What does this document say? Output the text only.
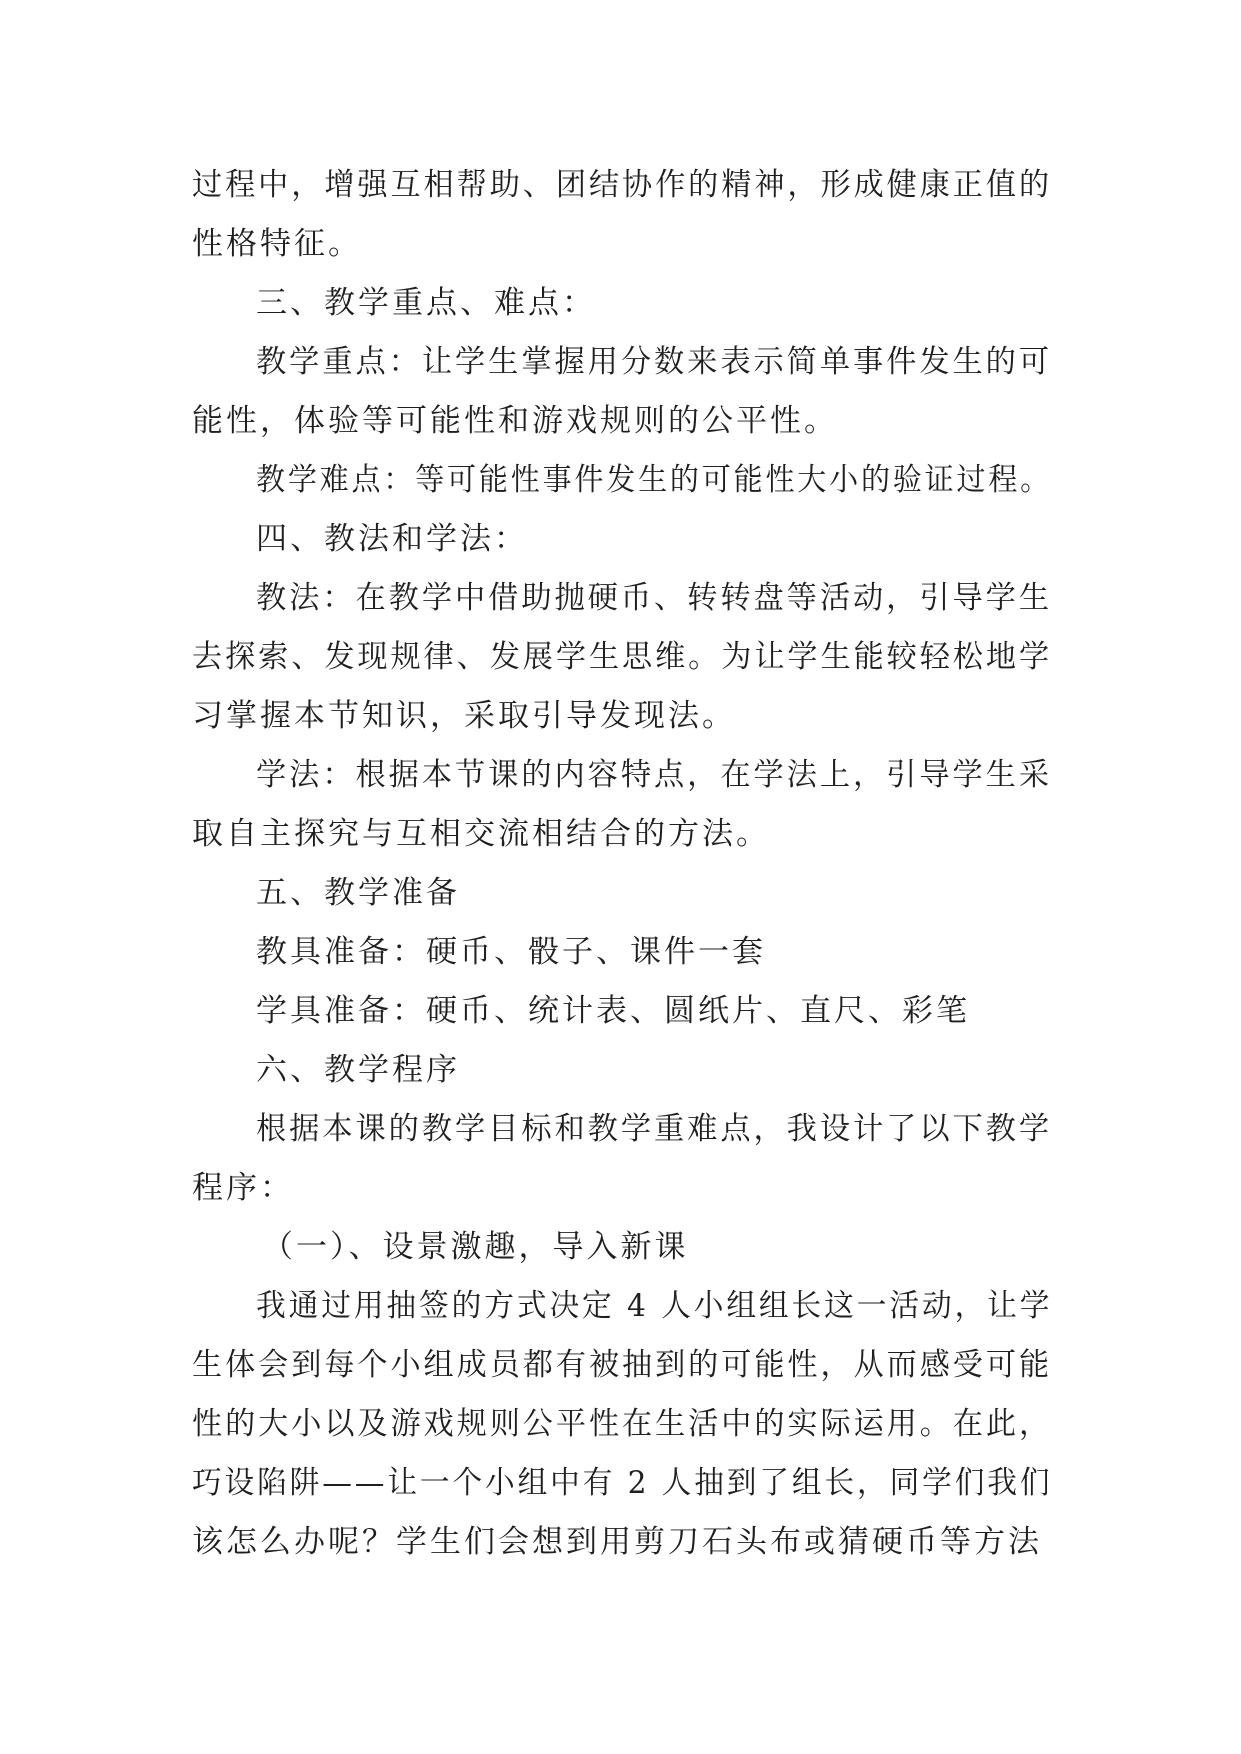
过程中，增强互相帮助、团结协作的精神，形成健康正值的
性格特征。
三、教学重点、难点：
教学重点：让学生掌握用分数来表示简单事件发生的可
能性，体验等可能性和游戏规则的公平性。
教学难点：等可能性事件发生的可能性大小的验证过程。
四、教法和学法：
教法：在教学中借助抛硬币、转转盘等活动，引导学生
去探索、发现规律、发展学生思维。为让学生能较轻松地学
习掌握本节知识，采取引导发现法。
学法：根据本节课的内容特点，在学法上，引导学生采
取自主探究与互相交流相结合的方法。
五、教学准备
教具准备：硬币、骰子、课件一套
学具准备：硬币、统计表、圆纸片、直尺、彩笔
六、教学程序
根据本课的教学目标和教学重难点，我设计了以下教学
程序：
（一）、设景激趣，导入新课
我通过用抽签的方式决定 4 人小组组长这一活动，让学
生体会到每个小组成员都有被抽到的可能性，从而感受可能
性的大小以及游戏规则公平性在生活中的实际运用。在此，
巧设陷阱——让一个小组中有 2 人抽到了组长，同学们我们
该怎么办呢？学生们会想到用剪刀石头布或猜硬币等方法
